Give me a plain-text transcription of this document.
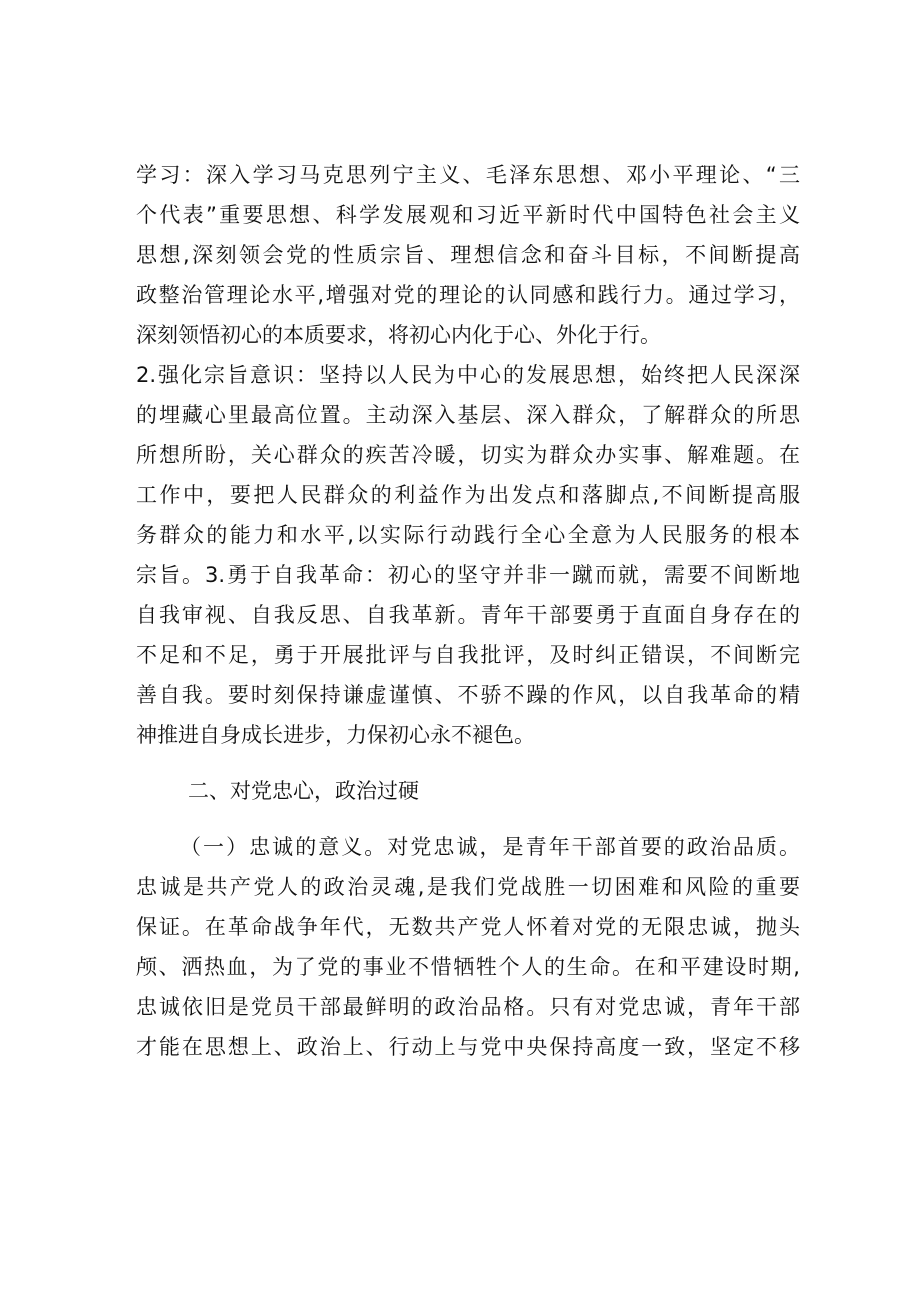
学习：深入学习马克思列宁主义、毛泽东思想、邓小平理论、“三
个代表”重要思想、科学发展观和习近平新时代中国特色社会主义
思想,深刻领会党的性质宗旨、理想信念和奋斗目标，不间断提高
政整治管理论水平,增强对党的理论的认同感和践行力。通过学习，
深刻领悟初心的本质要求，将初心内化于心、外化于行。
2.强化宗旨意识：坚持以人民为中心的发展思想，始终把人民深深
的埋藏心里最高位置。主动深入基层、深入群众，了解群众的所思
所想所盼，关心群众的疾苦冷暖，切实为群众办实事、解难题。在
工作中，要把人民群众的利益作为出发点和落脚点,不间断提高服
务群众的能力和水平,以实际行动践行全心全意为人民服务的根本
宗旨。3.勇于自我革命：初心的坚守并非一蹴而就，需要不间断地
自我审视、自我反思、自我革新。青年干部要勇于直面自身存在的
不足和不足，勇于开展批评与自我批评，及时纠正错误，不间断完
善自我。要时刻保持谦虚谨慎、不骄不躁的作风，以自我革命的精
神推进自身成长进步，力保初心永不褪色。
二、对党忠心，政治过硬
（一）忠诚的意义。对党忠诚，是青年干部首要的政治品质。
忠诚是共产党人的政治灵魂,是我们党战胜一切困难和风险的重要
保证。在革命战争年代，无数共产党人怀着对党的无限忠诚，抛头
颅、洒热血，为了党的事业不惜牺牲个人的生命。在和平建设时期,
忠诚依旧是党员干部最鲜明的政治品格。只有对党忠诚，青年干部
才能在思想上、政治上、行动上与党中央保持高度一致，坚定不移
